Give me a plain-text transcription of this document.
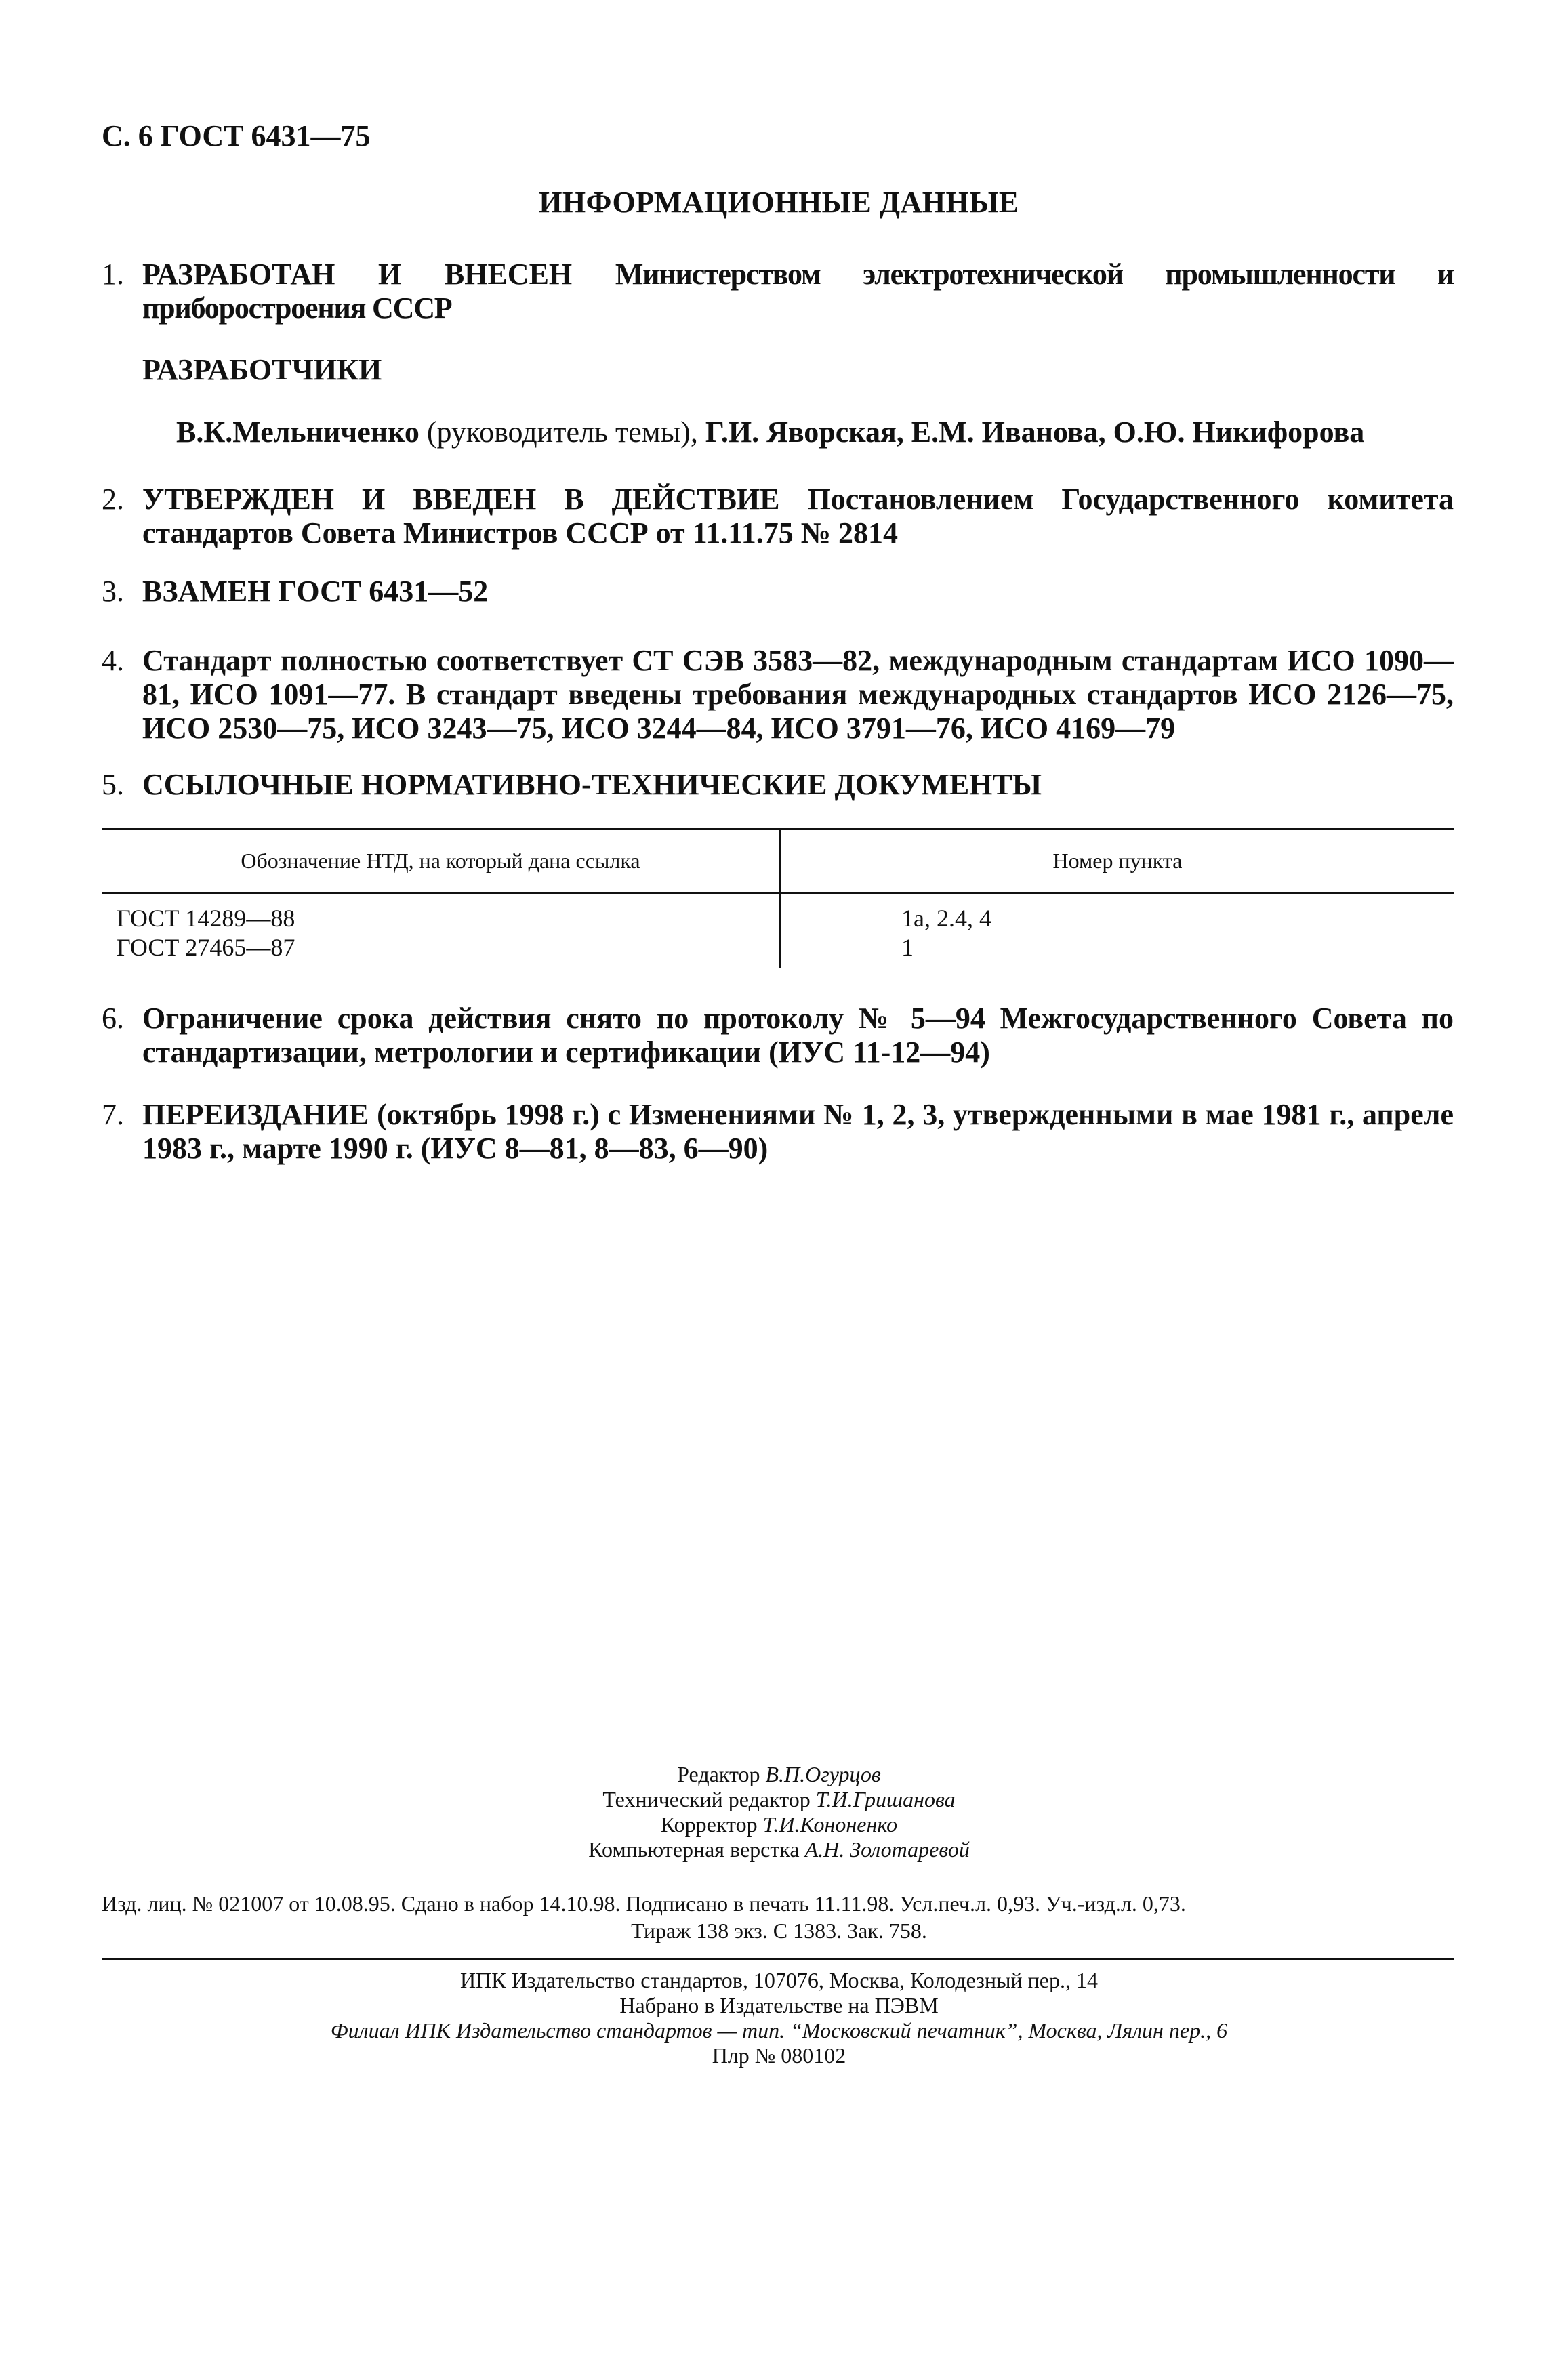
С. 6 ГОСТ 6431—75
ИНФОРМАЦИОННЫЕ ДАННЫЕ
1. РАЗРАБОТАН И ВНЕСЕН Министерством электротехнической промышленности и приборостроения СССР
РАЗРАБОТЧИКИ
В.К.Мельниченко (руководитель темы), Г.И. Яворская, Е.М. Иванова, О.Ю. Никифорова
2. УТВЕРЖДЕН И ВВЕДЕН В ДЕЙСТВИЕ Постановлением Государственного комитета стандартов Совета Министров СССР от 11.11.75 № 2814
3. ВЗАМЕН ГОСТ 6431—52
4. Стандарт полностью соответствует СТ СЭВ 3583—82, международным стандартам ИСО 1090—81, ИСО 1091—77. В стандарт введены требования международных стандартов ИСО 2126—75, ИСО 2530—75, ИСО 3243—75, ИСО 3244—84, ИСО 3791—76, ИСО 4169—79
5. ССЫЛОЧНЫЕ НОРМАТИВНО-ТЕХНИЧЕСКИЕ ДОКУМЕНТЫ
Обозначение НТД, на который дана ссылка	Номер пункта
ГОСТ 14289—88	1а, 2.4, 4
ГОСТ 27465—87	1
6. Ограничение срока действия снято по протоколу № 5—94 Межгосударственного Совета по стандартизации, метрологии и сертификации (ИУС 11-12—94)
7. ПЕРЕИЗДАНИЕ (октябрь 1998 г.) с Изменениями № 1, 2, 3, утвержденными в мае 1981 г., апреле 1983 г., марте 1990 г. (ИУС 8—81, 8—83, 6—90)
Редактор В.П.Огурцов
Технический редактор Т.И.Гришанова
Корректор Т.И.Кононенко
Компьютерная верстка А.Н. Золотаревой
Изд. лиц. № 021007 от 10.08.95. Сдано в набор 14.10.98. Подписано в печать 11.11.98. Усл.печ.л. 0,93. Уч.-изд.л. 0,73.
Тираж 138 экз. С 1383. Зак. 758.
ИПК Издательство стандартов, 107076, Москва, Колодезный пер., 14
Набрано в Издательстве на ПЭВМ
Филиал ИПК Издательство стандартов — тип. “Московский печатник”, Москва, Лялин пер., 6
Плр № 080102
